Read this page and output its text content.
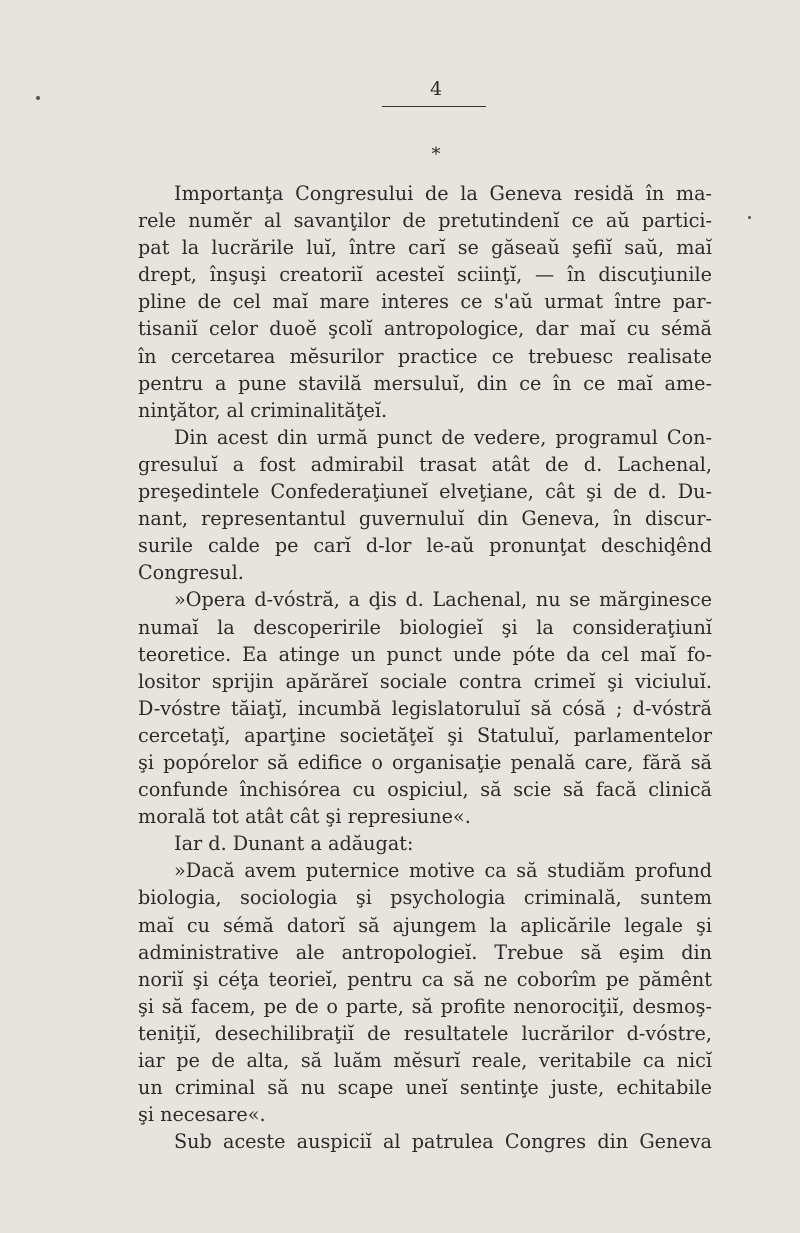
4
*
Importanţa Congresului de la Geneva residă în ma-
rele numĕr al savanţilor de pretutindenĭ ce aŭ partici-
pat la lucrările luĭ, între carĭ se găseaŭ şefiĭ saŭ, maĭ
drept, înşuşi creatoriĭ acesteĭ sciinţĭ, — în discuţiunile
pline de cel maĭ mare interes ce s'aŭ urmat între par-
tisaniĭ celor duoĕ şcolĭ antropologice, dar maĭ cu sémă
în cercetarea mĕsurilor practice ce trebuesc realisate
pentru a pune stavilă mersuluĭ, din ce în ce maĭ ame-
ninţător, al criminalităţeĭ.
Din acest din urmă punct de vedere, programul Con-
gresuluĭ a fost admirabil trasat atât de d. Lachenal,
preşedintele Confederaţiuneĭ elveţiane, cât şi de d. Du-
nant, representantul guvernuluĭ din Geneva, în discur-
surile calde pe carĭ d-lor le-aŭ pronunţat deschiḑênd
Congresul.
»Opera d-vóstră, a ḑis d. Lachenal, nu se mărginesce
numaĭ la descoperirile biologieĭ şi la consideraţiunĭ
teoretice. Ea atinge un punct unde póte da cel maĭ fo-
lositor sprijin apărăreĭ sociale contra crimeĭ şi viciuluĭ.
D-vóstre tăiaţĭ, incumbă legislatoruluĭ să cósă ; d-vóstră
cercetaţĭ, aparţine societăţeĭ şi Statuluĭ, parlamentelor
şi popórelor să edifice o organisaţie penală care, fără să
confunde închisórea cu ospiciul, să scie să facă clinică
morală tot atât cât şi represiune«.
Iar d. Dunant a adăugat:
»Dacă avem puternice motive ca să studiăm profund
biologia, sociologia şi psychologia criminală, suntem
maĭ cu sémă datorĭ să ajungem la aplicările legale şi
administrative ale antropologieĭ. Trebue să eşim din
noriĭ şi céţa teorieĭ, pentru ca să ne coborîm pe pămênt
şi să facem, pe de o parte, să profite nenorociţiĭ, desmoş-
teniţiĭ, desechilibraţiĭ de resultatele lucrărilor d-vóstre,
iar pe de alta, să luăm mĕsurĭ reale, veritabile ca nicĭ
un criminal să nu scape uneĭ sentinţe juste, echitabile
şi necesare«.
Sub aceste auspiciĭ al patrulea Congres din Geneva
